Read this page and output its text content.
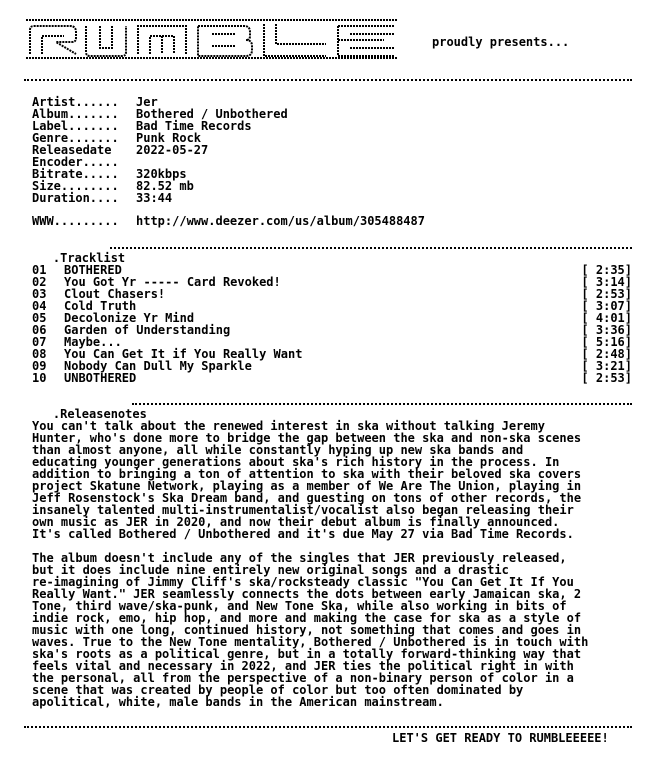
proudly presents...
Artist...... Jer
Album....... Bothered / Unbothered
Label....... Bad Time Records
Genre....... Punk Rock
Releasedate 2022-05-27
Encoder.....
Bitrate..... 320kbps
Size........ 82.52 mb
Duration.... 33:44
WWW......... http://www.deezer.com/us/album/305488487

.Tracklist

01 BOTHERED	[ 2:35]
02 You Got Yr ----- Card Revoked!	[ 3:14]
03 Clout Chasers!	[ 2:53]
04 Cold Truth	[ 3:07]
05 Decolonize Yr Mind	[ 4:01]
06 Garden of Understanding	[ 3:36]
07 Maybe...	[ 5:16]
08 You Can Get It if You Really Want	[ 2:48]
09 Nobody Can Dull My Sparkle	[ 3:21]
10 UNBOTHERED	[ 2:53]

.Releasenotes

You can't talk about the renewed interest in ska without talking Jeremy
Hunter, who's done more to bridge the gap between the ska and non-ska scenes
than almost anyone, all while constantly hyping up new ska bands and
educating younger generations about ska's rich history in the process. In
addition to bringing a ton of attention to ska with their beloved ska covers
project Skatune Network, playing as a member of We Are The Union, playing in
Jeff Rosenstock's Ska Dream band, and guesting on tons of other records, the
insanely talented multi-instrumentalist/vocalist also began releasing their
own music as JER in 2020, and now their debut album is finally announced.
It's called Bothered / Unbothered and it's due May 27 via Bad Time Records.
The album doesn't include any of the singles that JER previously released,
but it does include nine entirely new original songs and a drastic
re-imagining of Jimmy Cliff's ska/rocksteady classic "You Can Get It If You
Really Want." JER seamlessly connects the dots between early Jamaican ska, 2
Tone, third wave/ska-punk, and New Tone Ska, while also working in bits of
indie rock, emo, hip hop, and more and making the case for ska as a style of
music with one long, continued history, not something that comes and goes in
waves. True to the New Tone mentality, Bothered / Unbothered is in touch with
ska's roots as a political genre, but in a totally forward-thinking way that
feels vital and necessary in 2022, and JER ties the political right in with
the personal, all from the perspective of a non-binary person of color in a
scene that was created by people of color but too often dominated by
apolitical, white, male bands in the American mainstream.
LET'S GET READY TO RUMBLEEEEE!
